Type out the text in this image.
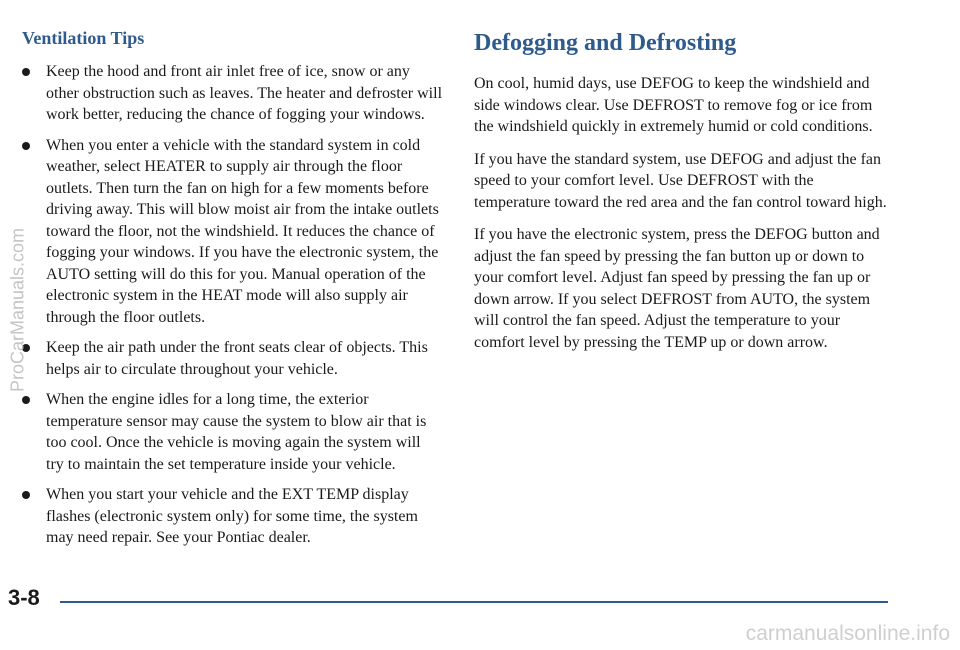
Ventilation Tips
Keep the hood and front air inlet free of ice, snow or any other obstruction such as leaves. The heater and defroster will work better, reducing the chance of fogging your windows.
When you enter a vehicle with the standard system in cold weather, select HEATER to supply air through the floor outlets. Then turn the fan on high for a few moments before driving away. This will blow moist air from the intake outlets toward the floor, not the windshield. It reduces the chance of fogging your windows. If you have the electronic system, the AUTO setting will do this for you. Manual operation of the electronic system in the HEAT mode will also supply air through the floor outlets.
Keep the air path under the front seats clear of objects. This helps air to circulate throughout your vehicle.
When the engine idles for a long time, the exterior temperature sensor may cause the system to blow air that is too cool. Once the vehicle is moving again the system will try to maintain the set temperature inside your vehicle.
When you start your vehicle and the EXT TEMP display flashes (electronic system only) for some time, the system may need repair. See your Pontiac dealer.
Defogging and Defrosting

On cool, humid days, use DEFOG to keep the windshield and side windows clear. Use DEFROST to remove fog or ice from the windshield quickly in extremely humid or cold conditions.

If you have the standard system, use DEFOG and adjust the fan speed to your comfort level. Use DEFROST with the temperature toward the red area and the fan control toward high.

If you have the electronic system, press the DEFOG button and adjust the fan speed by pressing the fan button up or down to your comfort level. Adjust fan speed by pressing the fan up or down arrow. If you select DEFROST from AUTO, the system will control the fan speed. Adjust the temperature to your comfort level by pressing the TEMP up or down arrow.

3-8
ProCarManuals.com
carmanualsonline.info
